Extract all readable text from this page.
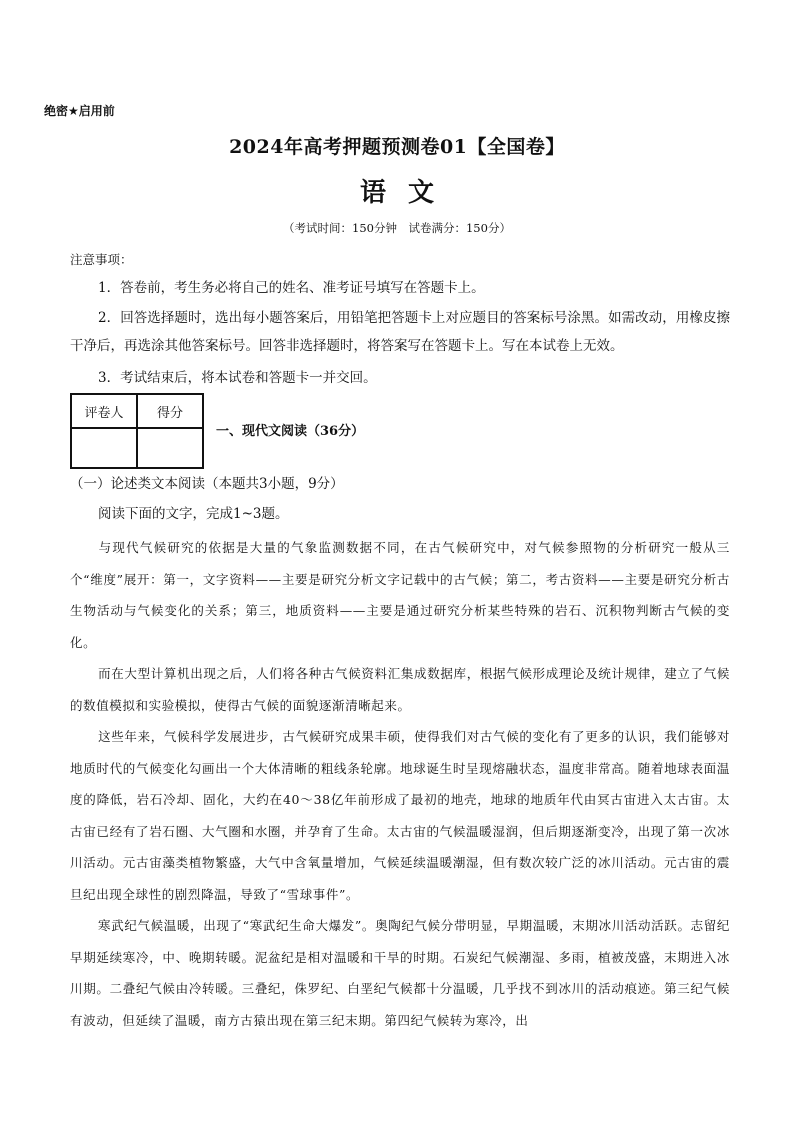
绝密★启用前
2024年高考押题预测卷01【全国卷】
语文
（考试时间：150分钟　试卷满分：150分）
注意事项：
1．答卷前，考生务必将自己的姓名、准考证号填写在答题卡上。
2．回答选择题时，选出每小题答案后，用铅笔把答题卡上对应题目的答案标号涂黑。如需改动，用橡皮擦干净后，再选涂其他答案标号。回答非选择题时，将答案写在答题卡上。写在本试卷上无效。
3．考试结束后，将本试卷和答题卡一并交回。
评卷人	得分

一、现代文阅读（36分）
（一）论述类文本阅读（本题共3小题，9分）
阅读下面的文字，完成1~3题。
与现代气候研究的依据是大量的气象监测数据不同，在古气候研究中，对气候参照物的分析研究一般从三个“维度”展开：第一，文字资料——主要是研究分析文字记载中的古气候；第二，考古资料——主要是研究分析古生物活动与气候变化的关系；第三，地质资料——主要是通过研究分析某些特殊的岩石、沉积物判断古气候的变化。
而在大型计算机出现之后，人们将各种古气候资料汇集成数据库，根据气候形成理论及统计规律，建立了气候的数值模拟和实验模拟，使得古气候的面貌逐渐清晰起来。
这些年来，气候科学发展进步，古气候研究成果丰硕，使得我们对古气候的变化有了更多的认识，我们能够对地质时代的气候变化勾画出一个大体清晰的粗线条轮廓。地球诞生时呈现熔融状态，温度非常高。随着地球表面温度的降低，岩石冷却、固化，大约在40～38亿年前形成了最初的地壳，地球的地质年代由冥古宙进入太古宙。太古宙已经有了岩石圈、大气圈和水圈，并孕育了生命。太古宙的气候温暖湿润，但后期逐渐变冷，出现了第一次冰川活动。元古宙藻类植物繁盛，大气中含氧量增加，气候延续温暖潮湿，但有数次较广泛的冰川活动。元古宙的震旦纪出现全球性的剧烈降温，导致了“雪球事件”。
寒武纪气候温暖，出现了“寒武纪生命大爆发”。奥陶纪气候分带明显，早期温暖，末期冰川活动活跃。志留纪早期延续寒冷，中、晚期转暖。泥盆纪是相对温暖和干旱的时期。石炭纪气候潮湿、多雨，植被茂盛，末期进入冰川期。二叠纪气候由冷转暖。三叠纪，侏罗纪、白垩纪气候都十分温暖，几乎找不到冰川的活动痕迹。第三纪气候有波动，但延续了温暖，南方古猿出现在第三纪末期。第四纪气候转为寒冷，出
